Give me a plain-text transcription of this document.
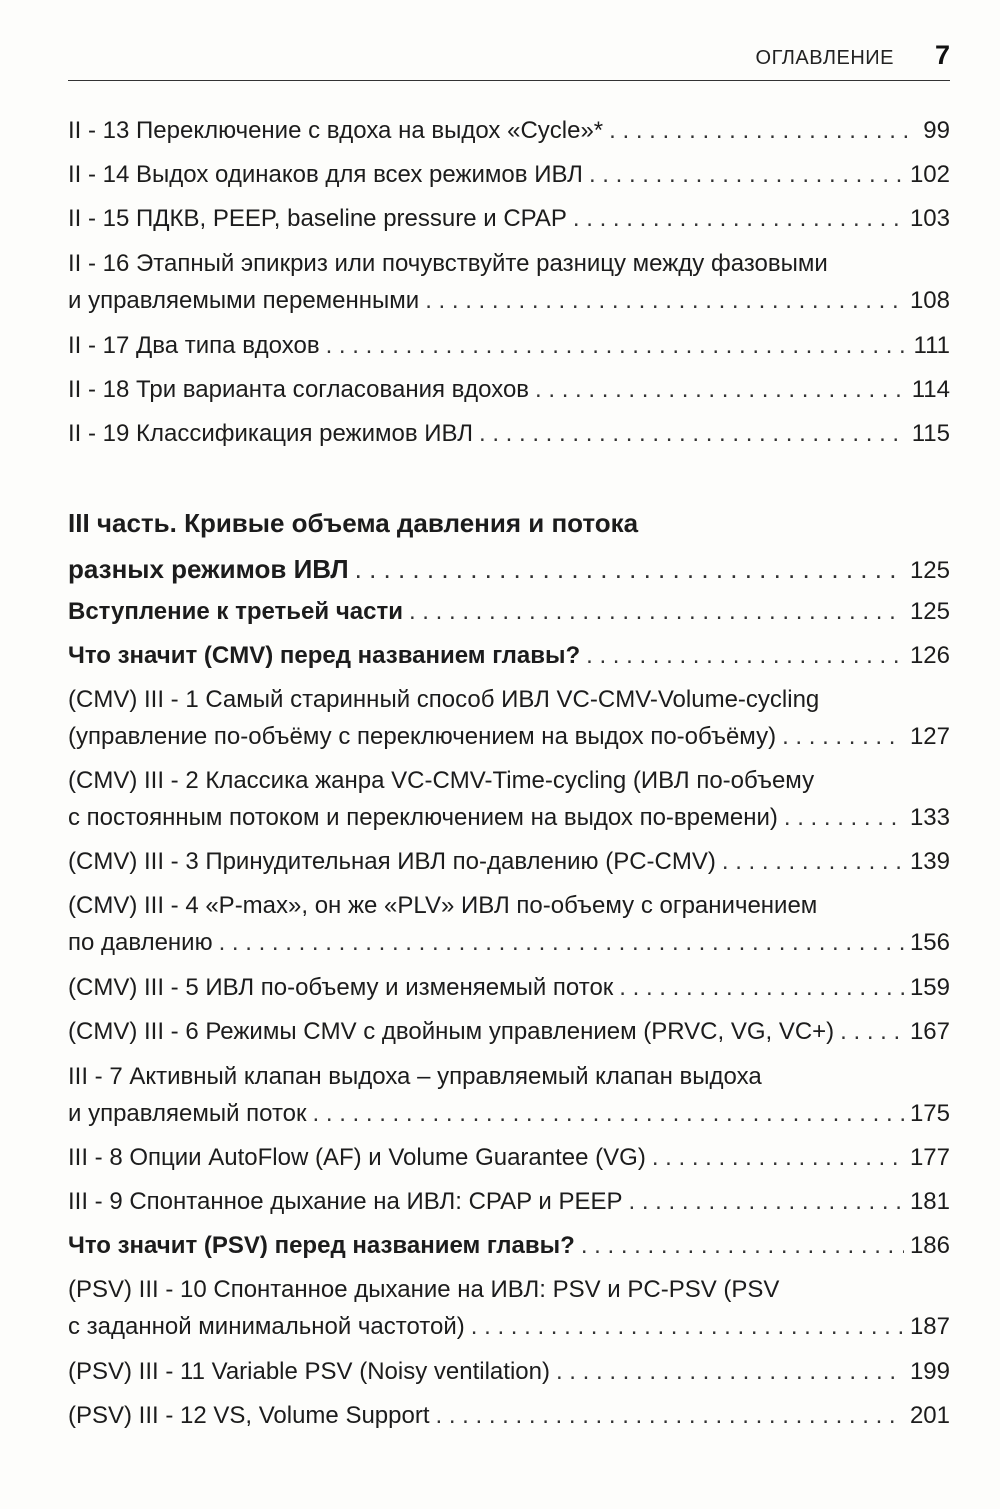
ОГЛАВЛЕНИЕ 7
II - 13 Переключение с вдоха на выдох «Cycle»* . . .	99
II - 14 Выдох одинаков для всех режимов ИВЛ . . .	102
II - 15 ПДКВ, PEEP, baseline pressure и CPAP . . .	103
II - 16 Этапный эпикриз или почувствуйте разницу между фазовыми
и управляемыми переменными . . .	108
II - 17 Два типа вдохов . . .	111
II - 18 Три варианта согласования вдохов . . .	114
II - 19 Классификация режимов ИВЛ . . .	115
III часть. Кривые объема давления и потока
разных режимов ИВЛ . . .	125
Вступление к третьей части . . .	125
Что значит (CMV) перед названием главы? . . .	126
(CMV) III - 1 Самый старинный способ ИВЛ VC-CMV-Volume-cycling
(управление по-объёму с переключением на выдох по-объёму) . . .	127
(CMV) III - 2 Классика жанра VC-CMV-Time-cycling (ИВЛ по-объему
с постоянным потоком и переключением на выдох по-времени) . . .	133
(CMV) III - 3 Принудительная ИВЛ по-давлению (PC-CMV) . . .	139
(CMV) III - 4 «P-max», он же «PLV» ИВЛ по-объему с ограничением
по давлению . . .	156
(CMV) III - 5 ИВЛ по-объему и изменяемый поток . . .	159
(CMV) III - 6 Режимы CMV с двойным управлением (PRVC, VG, VC+) . . .	167
III - 7 Активный клапан выдоха – управляемый клапан выдоха
и управляемый поток . . .	175
III - 8 Опции AutoFlow (AF) и Volume Guarantee (VG) . . .	177
III - 9 Спонтанное дыхание на ИВЛ: CPAP и PEEP . . .	181
Что значит (PSV) перед названием главы? . . .	186
(PSV) III - 10 Спонтанное дыхание на ИВЛ: PSV и PC-PSV (PSV
с заданной минимальной частотой) . . .	187
(PSV) III - 11 Variable PSV (Noisy ventilation) . . .	199
(PSV) III - 12 VS, Volume Support . . .	201
